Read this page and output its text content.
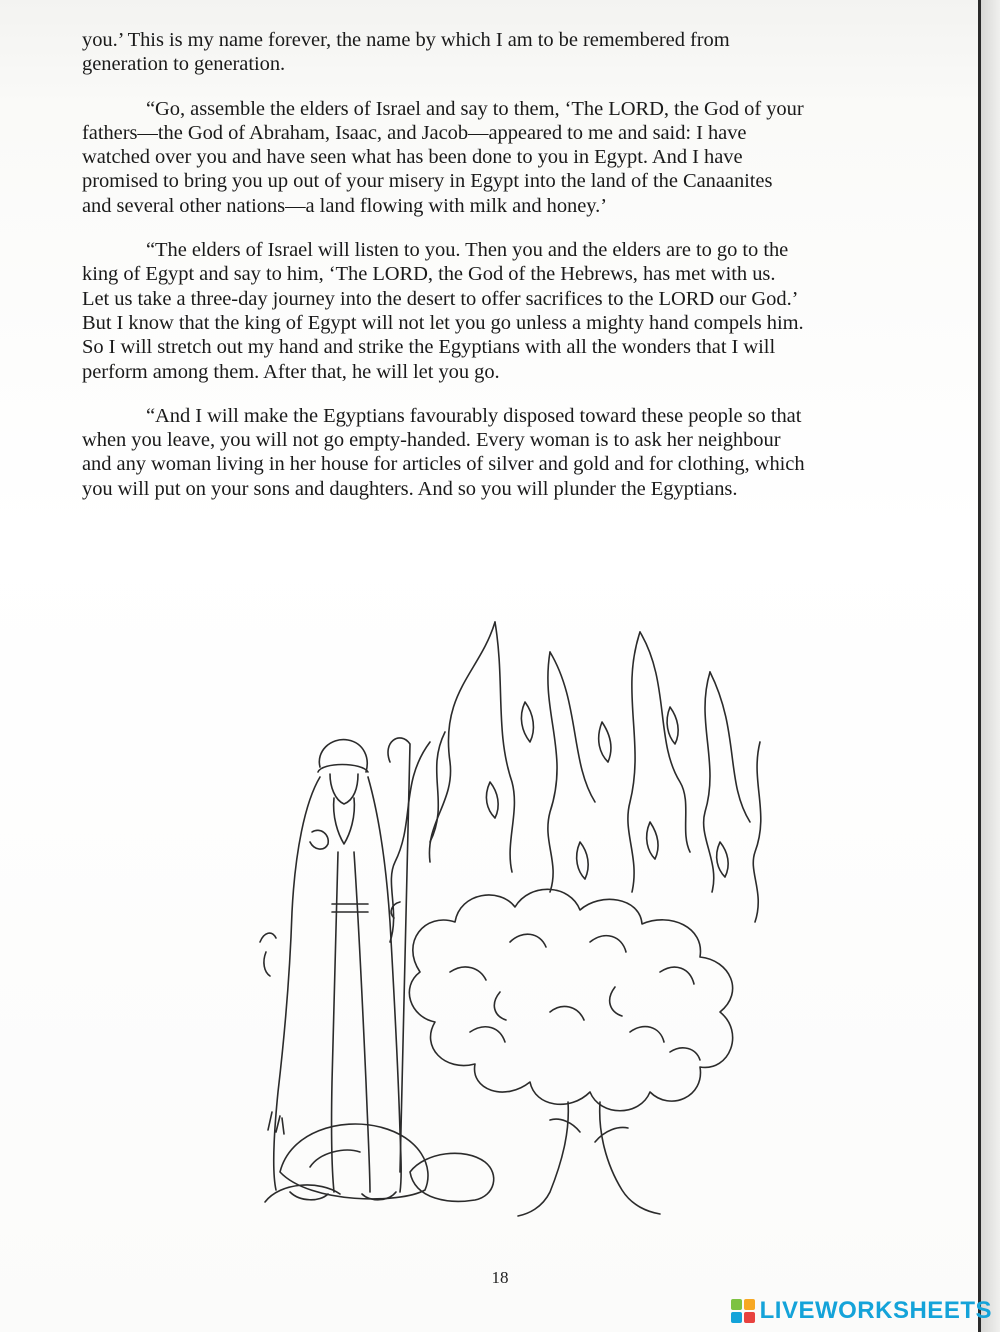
you.’ This is my name forever, the name by which I am to be remembered from
generation to generation.

“Go, assemble the elders of Israel and say to them, ‘The LORD, the God of your
fathers—the God of Abraham, Isaac, and Jacob—appeared to me and said: I have
watched over you and have seen what has been done to you in Egypt. And I have
promised to bring you up out of your misery in Egypt into the land of the Canaanites
and several other nations—a land flowing with milk and honey.’

“The elders of Israel will listen to you. Then you and the elders are to go to the
king of Egypt and say to him, ‘The LORD, the God of the Hebrews, has met with us.
Let us take a three-day journey into the desert to offer sacrifices to the LORD our God.’
But I know that the king of Egypt will not let you go unless a mighty hand compels him.
So I will stretch out my hand and strike the Egyptians with all the wonders that I will
perform among them. After that, he will let you go.

“And I will make the Egyptians favourably disposed toward these people so that
when you leave, you will not go empty-handed. Every woman is to ask her neighbour
and any woman living in her house for articles of silver and gold and for clothing, which
you will put on your sons and daughters. And so you will plunder the Egyptians.

18
LIVEWORKSHEETS
